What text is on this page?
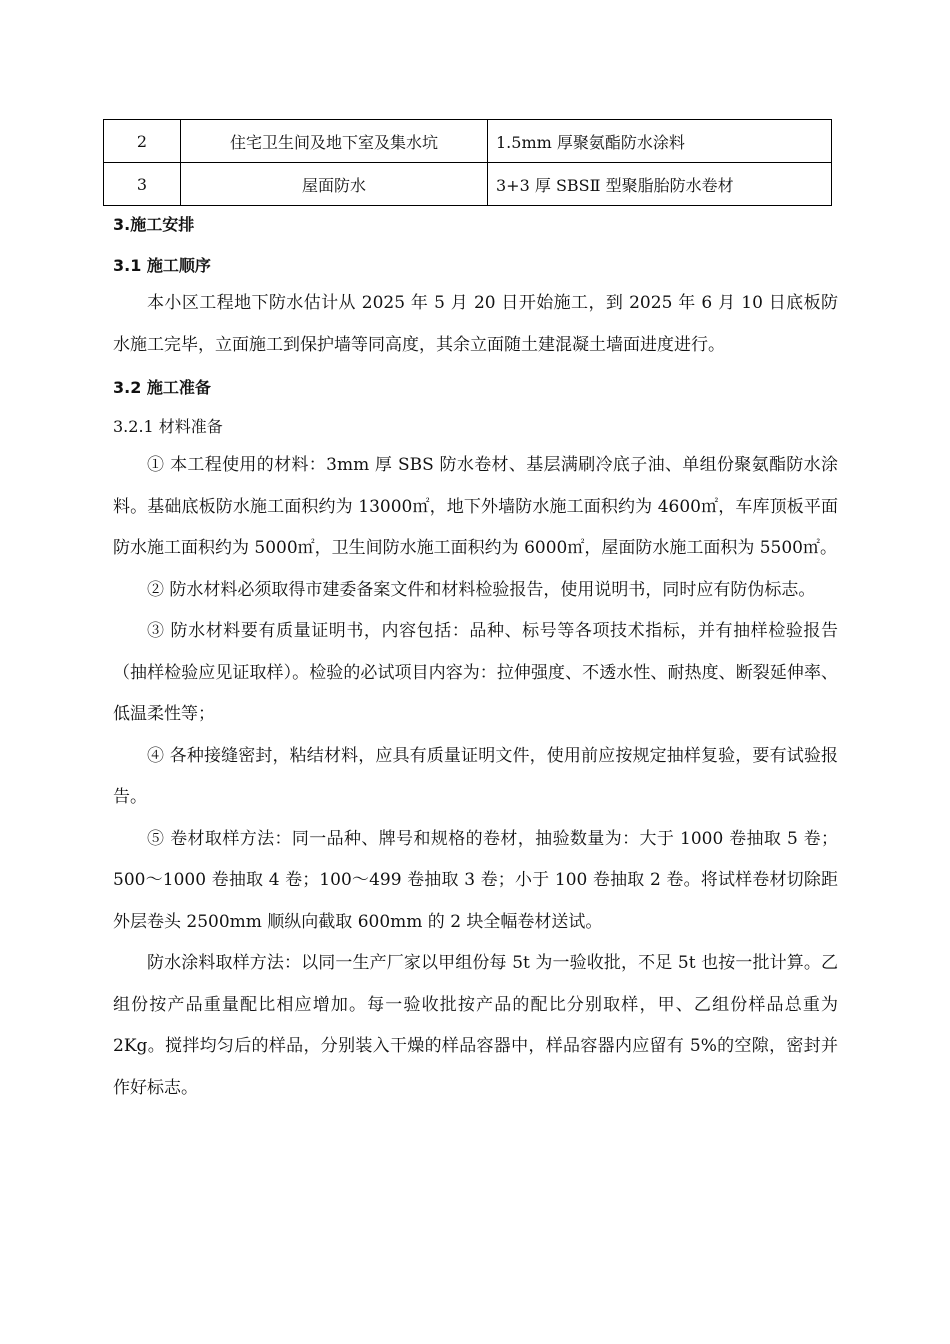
2	住宅卫生间及地下室及集水坑	1.5mm 厚聚氨酯防水涂料
3	屋面防水	3+3 厚 SBSⅡ 型聚脂胎防水卷材
3.施工安排
3.1 施工顺序
本小区工程地下防水估计从 2025 年 5 月 20 日开始施工，到 2025 年 6 月 10 日底板防水施工完毕，立面施工到保护墙等同高度，其余立面随土建混凝土墙面进度进行。
3.2 施工准备
3.2.1 材料准备

① 本工程使用的材料：3mm 厚 SBS 防水卷材、基层满刷冷底子油、单组份聚氨酯防水涂料。基础底板防水施工面积约为 13000㎡，地下外墙防水施工面积约为 4600㎡，车库顶板平面防水施工面积约为 5000㎡，卫生间防水施工面积约为 6000㎡，屋面防水施工面积为 5500㎡。

② 防水材料必须取得市建委备案文件和材料检验报告，使用说明书，同时应有防伪标志。

③ 防水材料要有质量证明书，内容包括：品种、标号等各项技术指标，并有抽样检验报告（抽样检验应见证取样）。检验的必试项目内容为：拉伸强度、不透水性、耐热度、断裂延伸率、低温柔性等；

④ 各种接缝密封，粘结材料，应具有质量证明文件，使用前应按规定抽样复验，要有试验报告。

⑤ 卷材取样方法：同一品种、牌号和规格的卷材，抽验数量为：大于 1000 卷抽取 5 卷；500～1000 卷抽取 4 卷；100～499 卷抽取 3 卷；小于 100 卷抽取 2 卷。将试样卷材切除距外层卷头 2500mm 顺纵向截取 600mm 的 2 块全幅卷材送试。

防水涂料取样方法：以同一生产厂家以甲组份每 5t 为一验收批，不足 5t 也按一批计算。乙组份按产品重量配比相应增加。每一验收批按产品的配比分别取样，甲、乙组份样品总重为 2Kg。搅拌均匀后的样品，分别装入干燥的样品容器中，样品容器内应留有 5%的空隙，密封并作好标志。
